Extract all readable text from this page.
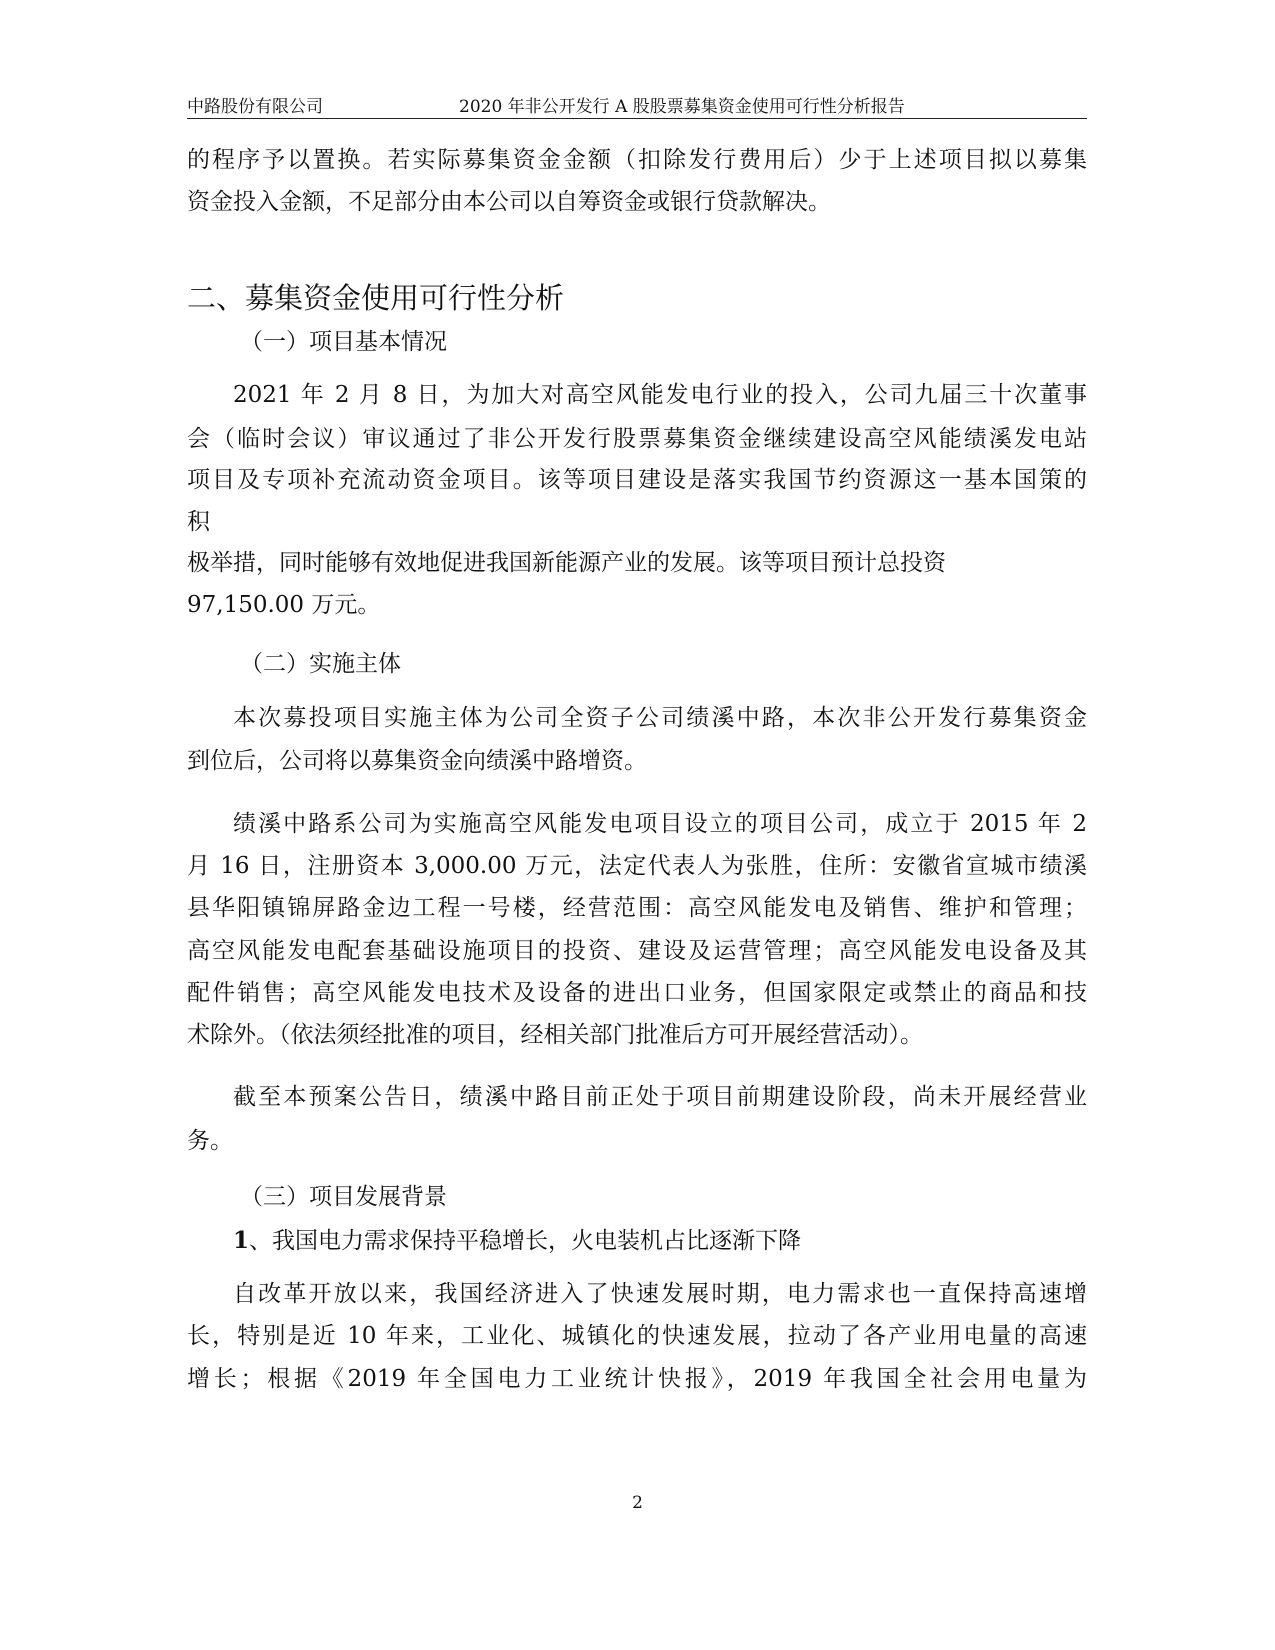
中路股份有限公司	2020 年非公开发行 A 股股票募集资金使用可行性分析报告
的程序予以置换。若实际募集资金金额（扣除发行费用后）少于上述项目拟以募集
资金投入金额，不足部分由本公司以自筹资金或银行贷款解决。
二、募集资金使用可行性分析
（一）项目基本情况
2021 年 2 月 8 日，为加大对高空风能发电行业的投入，公司九届三十次董事
会（临时会议）审议通过了非公开发行股票募集资金继续建设高空风能绩溪发电站
项目及专项补充流动资金项目。该等项目建设是落实我国节约资源这一基本国策的
积
极举措，同时能够有效地促进我国新能源产业的发展。该等项目预计总投资
97,150.00 万元。
（二）实施主体
本次募投项目实施主体为公司全资子公司绩溪中路，本次非公开发行募集资金
到位后，公司将以募集资金向绩溪中路增资。
绩溪中路系公司为实施高空风能发电项目设立的项目公司，成立于 2015 年 2
月 16 日，注册资本 3,000.00 万元，法定代表人为张胜，住所：安徽省宣城市绩溪
县华阳镇锦屏路金边工程一号楼，经营范围：高空风能发电及销售、维护和管理；
高空风能发电配套基础设施项目的投资、建设及运营管理；高空风能发电设备及其
配件销售；高空风能发电技术及设备的进出口业务，但国家限定或禁止的商品和技
术除外。（依法须经批准的项目，经相关部门批准后方可开展经营活动）。
截至本预案公告日，绩溪中路目前正处于项目前期建设阶段，尚未开展经营业
务。
（三）项目发展背景
1、我国电力需求保持平稳增长，火电装机占比逐渐下降
自改革开放以来，我国经济进入了快速发展时期，电力需求也一直保持高速增
长，特别是近 10 年来，工业化、城镇化的快速发展，拉动了各产业用电量的高速
增长；根据《2019 年全国电力工业统计快报》，2019 年我国全社会用电量为
2
